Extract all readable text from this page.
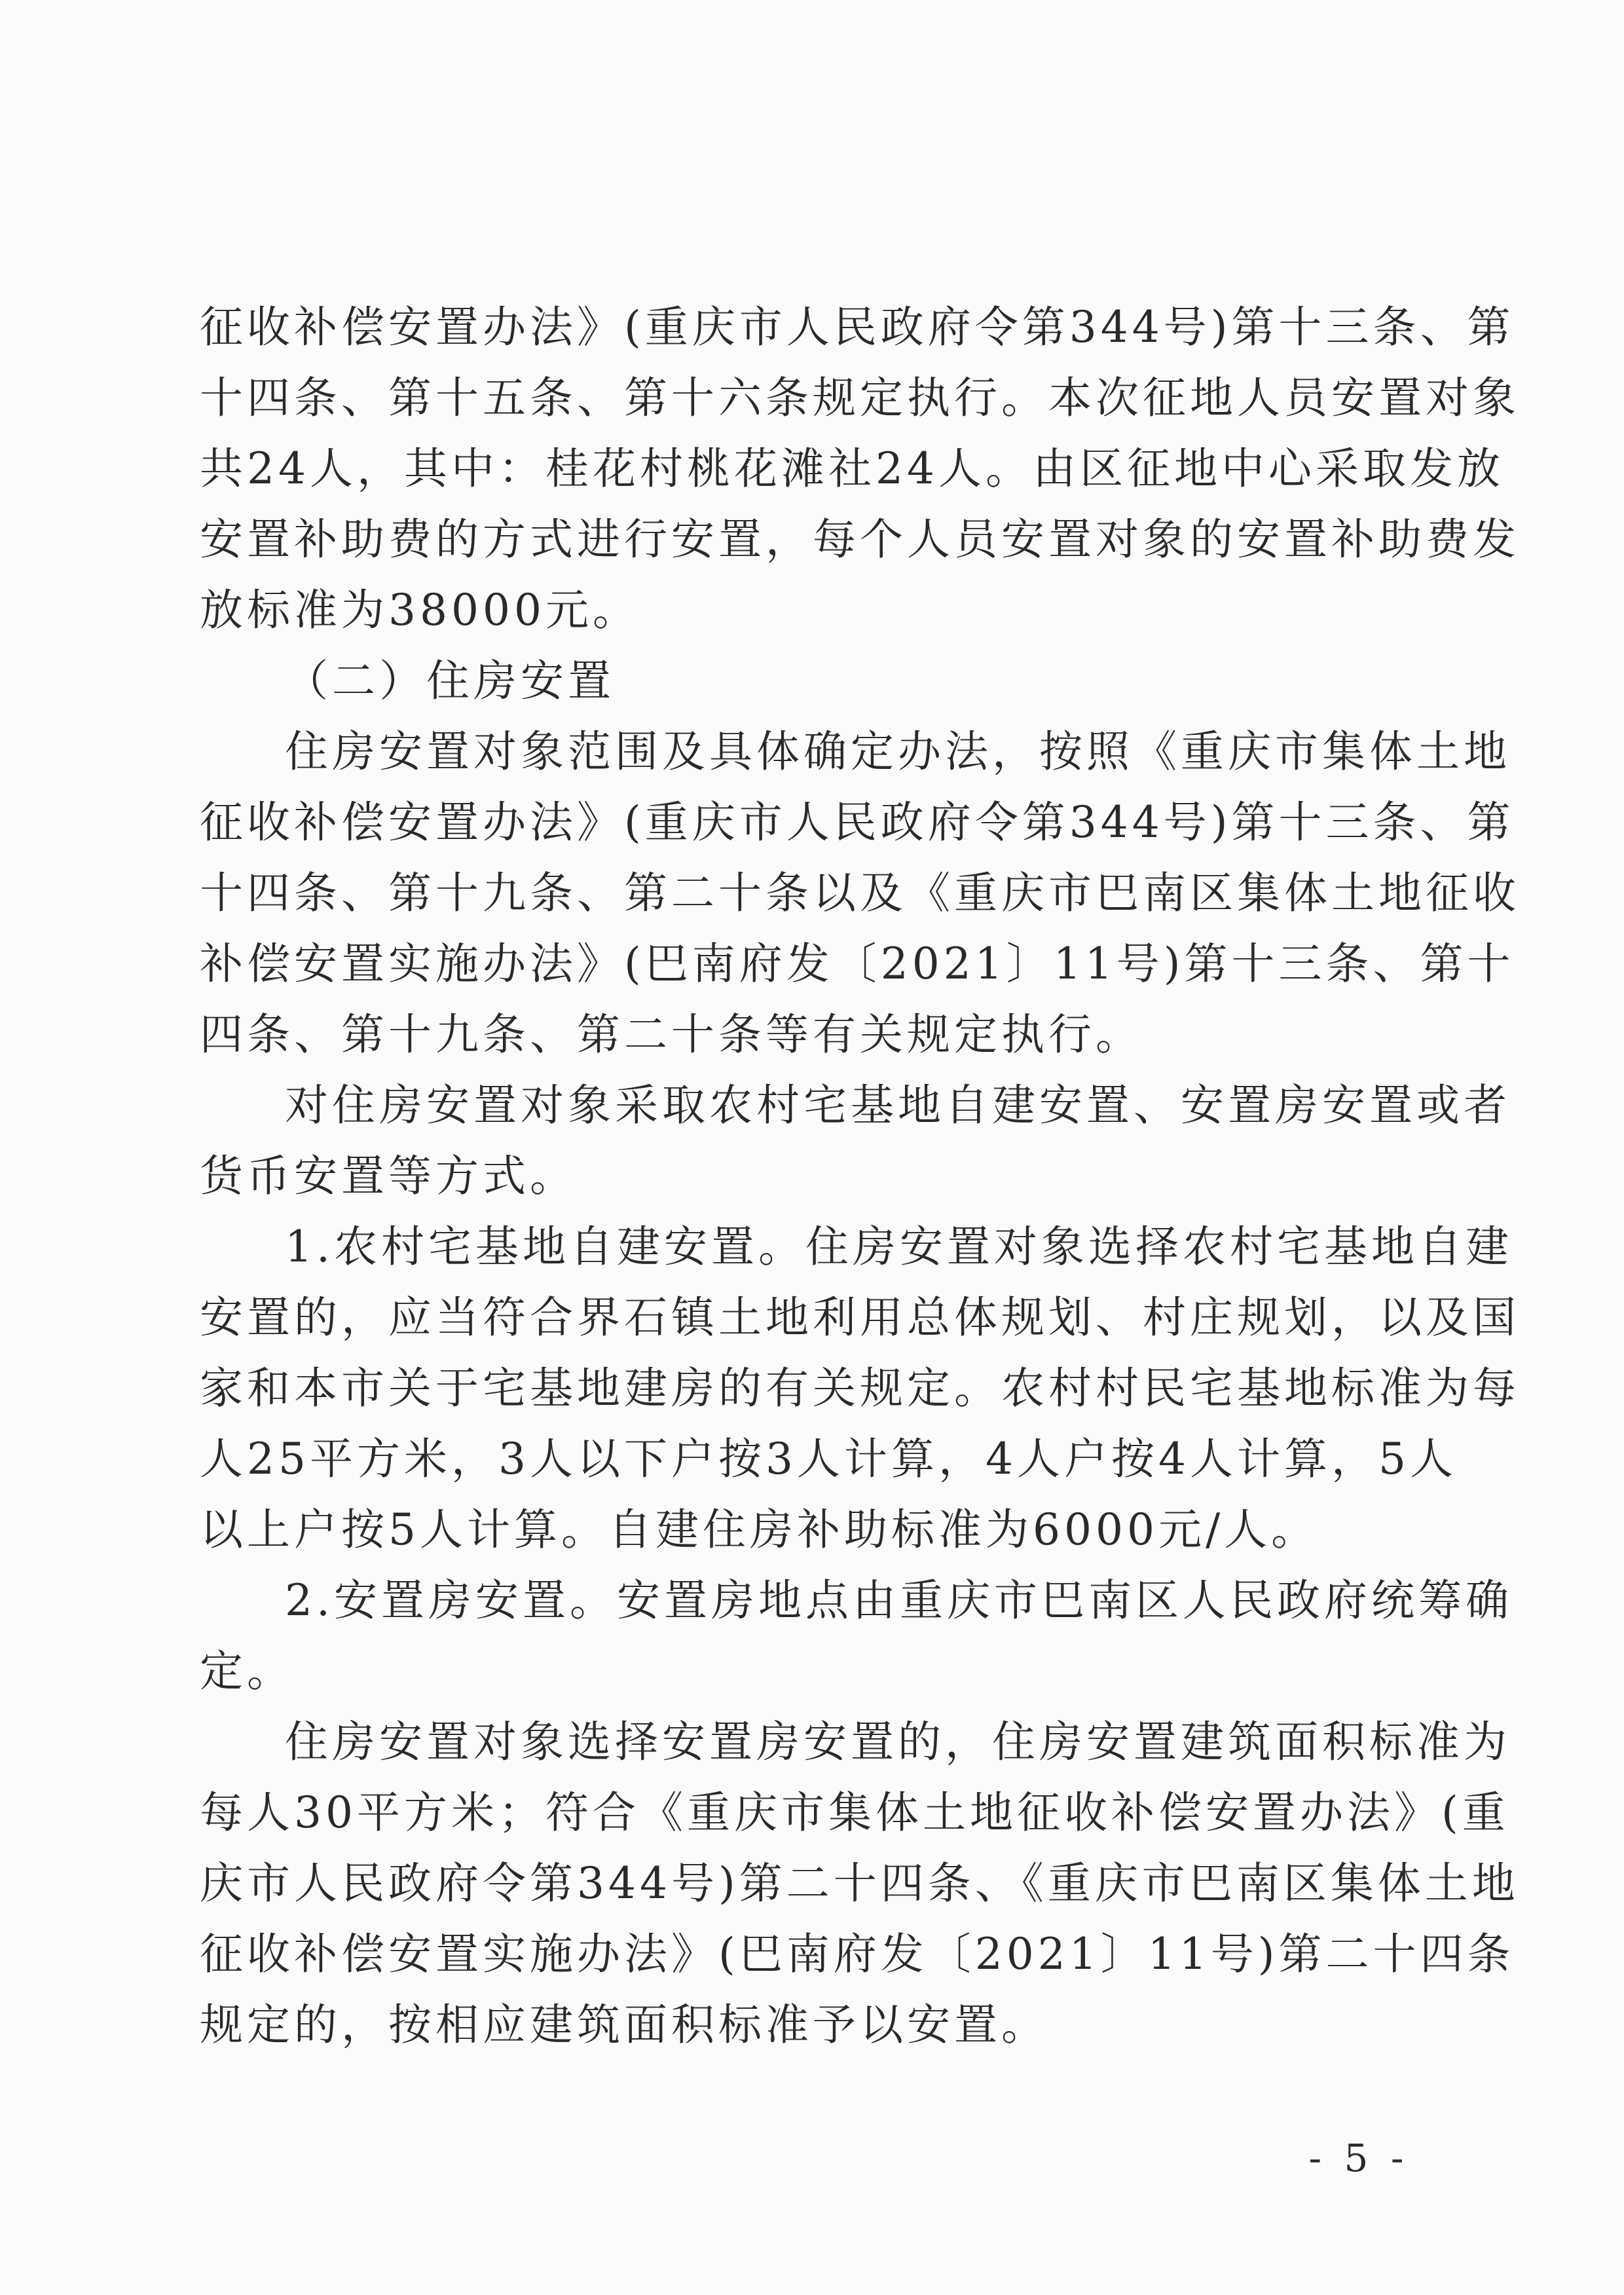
征收补偿安置办法》(重庆市人民政府令第344号)第十三条、第
十四条、第十五条、第十六条规定执行。本次征地人员安置对象
共24人，其中：桂花村桃花滩社24人。由区征地中心采取发放
安置补助费的方式进行安置，每个人员安置对象的安置补助费发
放标准为38000元。
（二）住房安置
住房安置对象范围及具体确定办法，按照《重庆市集体土地
征收补偿安置办法》(重庆市人民政府令第344号)第十三条、第
十四条、第十九条、第二十条以及《重庆市巴南区集体土地征收
补偿安置实施办法》(巴南府发〔2021〕11号)第十三条、第十
四条、第十九条、第二十条等有关规定执行。
对住房安置对象采取农村宅基地自建安置、安置房安置或者
货币安置等方式。
1.农村宅基地自建安置。住房安置对象选择农村宅基地自建
安置的，应当符合界石镇土地利用总体规划、村庄规划，以及国
家和本市关于宅基地建房的有关规定。农村村民宅基地标准为每
人25平方米，3人以下户按3人计算，4人户按4人计算，5人
以上户按5人计算。自建住房补助标准为6000元/人。
2.安置房安置。安置房地点由重庆市巴南区人民政府统筹确
定。
住房安置对象选择安置房安置的，住房安置建筑面积标准为
每人30平方米；符合《重庆市集体土地征收补偿安置办法》(重
庆市人民政府令第344号)第二十四条、《重庆市巴南区集体土地
征收补偿安置实施办法》(巴南府发〔2021〕11号)第二十四条
规定的，按相应建筑面积标准予以安置。
- 5 -
